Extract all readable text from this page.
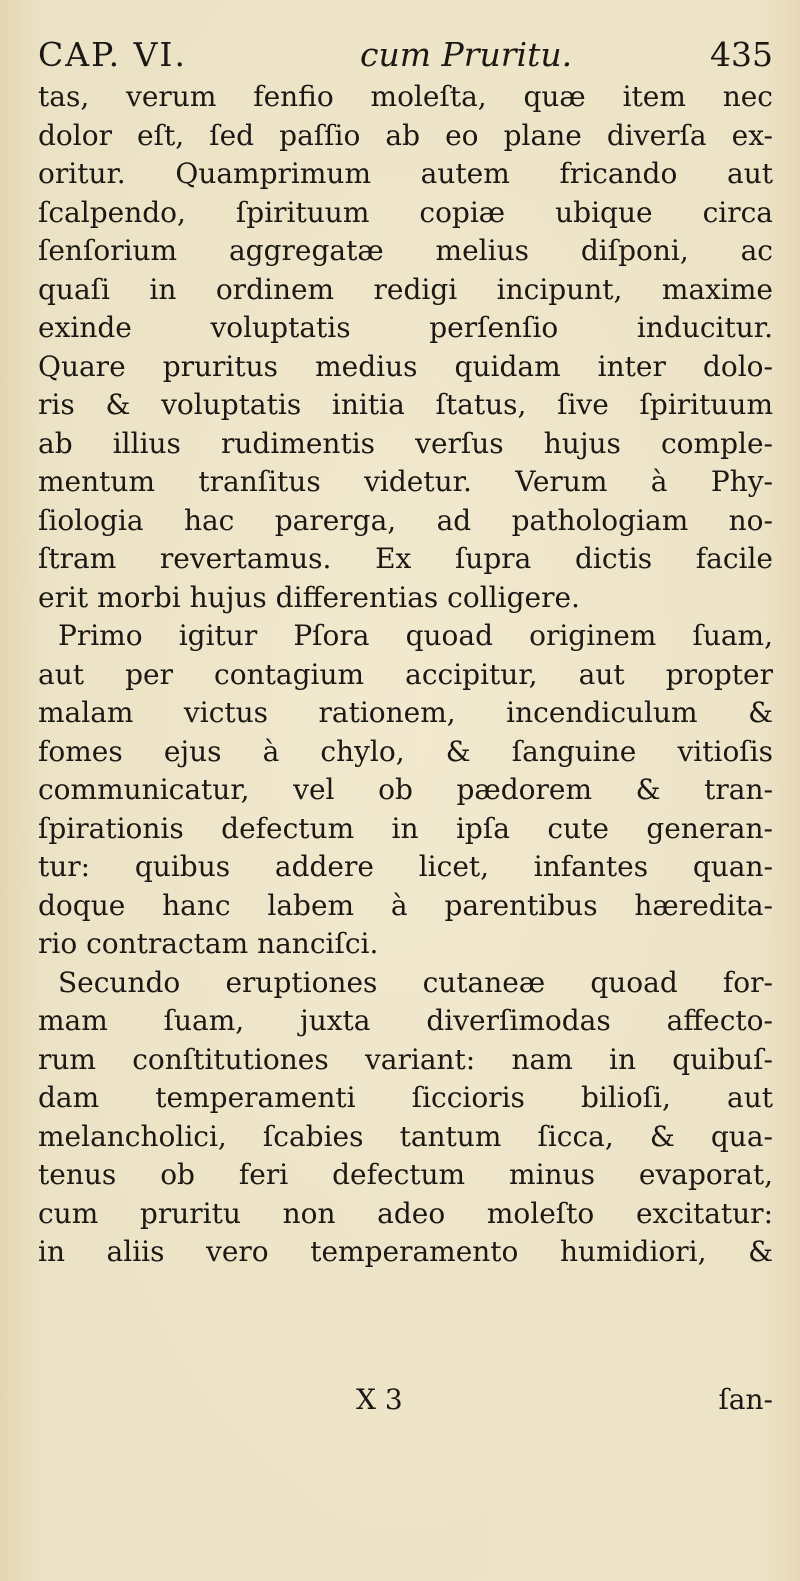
CAP. VI.	cum Pruritu.	435
tas, verum fenfio moleſta, quæ item nec
dolor eſt, ſed paſſio ab eo plane diverſa ex-
oritur. Quamprimum autem fricando aut
ſcalpendo, ſpirituum copiæ ubique circa
ſenſorium aggregatæ melius diſponi, ac
quaſi in ordinem redigi incipunt, maxime
exinde voluptatis perſenſio inducitur.
Quare pruritus medius quidam inter dolo-
ris & voluptatis initia ſtatus, ſive ſpirituum
ab illius rudimentis verſus hujus comple-
mentum tranſitus videtur. Verum à Phy-
ſiologia hac parerga, ad pathologiam no-
ſtram revertamus. Ex ſupra dictis facile
erit morbi hujus differentias colligere.
Primo igitur Pſora quoad originem ſuam,
aut per contagium accipitur, aut propter
malam victus rationem, incendiculum &
fomes ejus à chylo, & ſanguine vitioſis
communicatur, vel ob pædorem & tran-
ſpirationis defectum in ipſa cute generan-
tur: quibus addere licet, infantes quan-
doque hanc labem à parentibus hæredita-
rio contractam nanciſci.
Secundo eruptiones cutaneæ quoad for-
mam ſuam, juxta diverſimodas affecto-
rum conſtitutiones variant: nam in quibuſ-
dam temperamenti ſiccioris bilioſi, aut
melancholici, ſcabies tantum ſicca, & qua-
tenus ob feri defectum minus evaporat,
cum pruritu non adeo moleſto excitatur:
in aliis vero temperamento humidiori, &
X 3	ſan-
